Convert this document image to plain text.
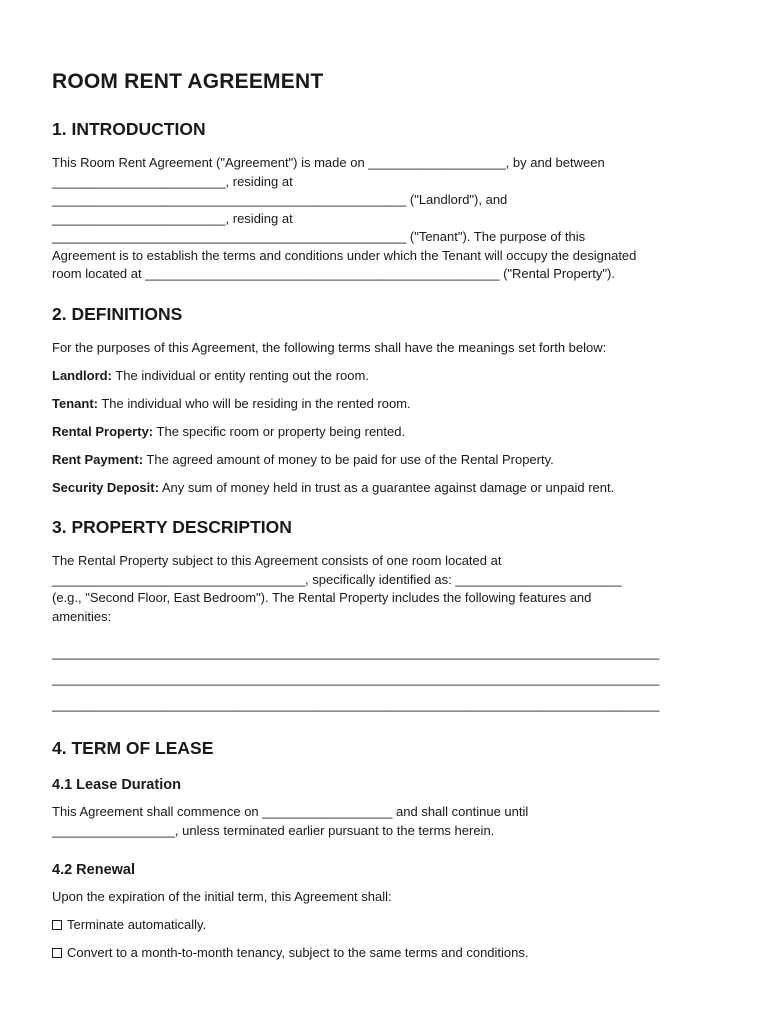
ROOM RENT AGREEMENT
1. INTRODUCTION

This Room Rent Agreement ("Agreement") is made on ___________________, by and between

________________________, residing at

_________________________________________________ ("Landlord"), and

________________________, residing at

_________________________________________________ ("Tenant"). The purpose of this

Agreement is to establish the terms and conditions under which the Tenant will occupy the designated

room located at _________________________________________________ ("Rental Property").

2. DEFINITIONS

For the purposes of this Agreement, the following terms shall have the meanings set forth below:

Landlord: The individual or entity renting out the room.

Tenant: The individual who will be residing in the rented room.

Rental Property: The specific room or property being rented.

Rent Payment: The agreed amount of money to be paid for use of the Rental Property.

Security Deposit: Any sum of money held in trust as a guarantee against damage or unpaid rent.

3. PROPERTY DESCRIPTION

The Rental Property subject to this Agreement consists of one room located at

___________________________________, specifically identified as: _______________________

(e.g., "Second Floor, East Bedroom"). The Rental Property includes the following features and

amenities:

____________________________________________________________________________________
____________________________________________________________________________________
____________________________________________________________________________________
4. TERM OF LEASE
4.1 Lease Duration

This Agreement shall commence on __________________ and shall continue until

_________________, unless terminated earlier pursuant to the terms herein.

4.2 Renewal

Upon the expiration of the initial term, this Agreement shall:

Terminate automatically.
Convert to a month-to-month tenancy, subject to the same terms and conditions.
